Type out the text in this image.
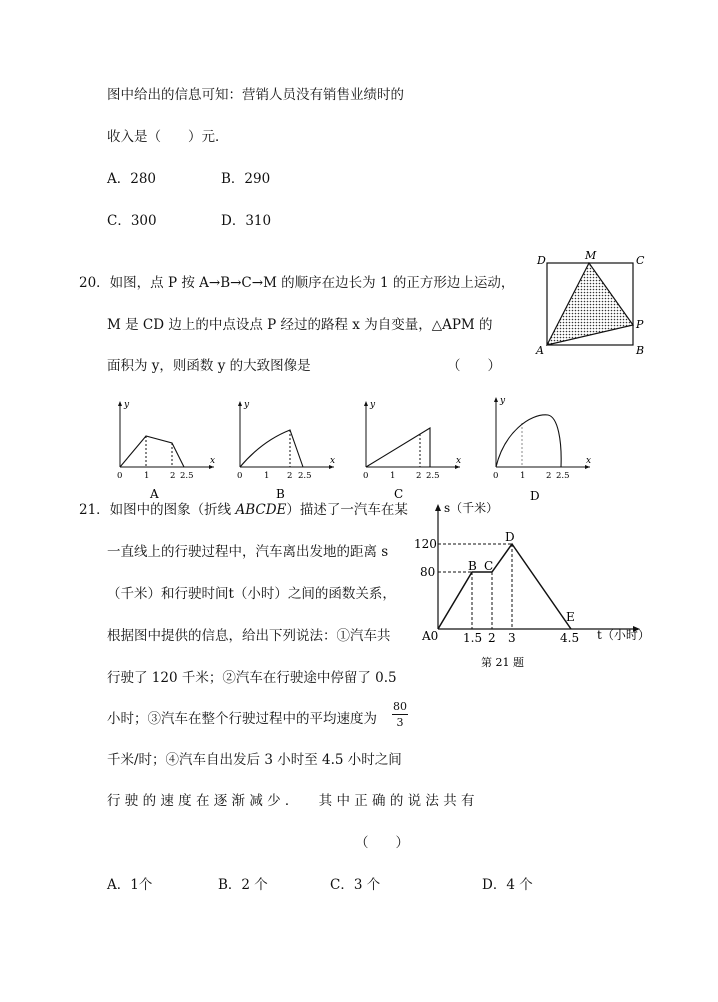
图中给出的信息可知：营销人员没有销售业绩时的
收入是（　　）元．
A．280	B．290
C．300	D．310
20．如图，点 P 按 A→B→C→M 的顺序在边长为 1 的正方形边上运动，
M 是 CD 边上的中点设点 P 经过的路程 x 为自变量，△APM 的
面积为 y，则函数 y 的大致图像是	（　　）
D	M	C
P
A	B
y
x
0	1 2 2.5
A
y
x
0	1 2 2.5
B
y
x
0	1 2 2.5
C
y
x
0	1 2 2.5
D
21．如图中的图象（折线 ABCDE）描述了一汽车在某
一直线上的行驶过程中，汽车离出发地的距离 s
（千米）和行驶时间t（小时）之间的函数关系，
根据图中提供的信息，给出下列说法：①汽车共
行驶了 120 千米；②汽车在行驶途中停留了 0.5
小时；③汽车在整个行驶过程中的平均速度为
80
3
千米/时；④汽车自出发后 3 小时至 4.5 小时之间
行 驶 的 速 度 在 逐 渐 减 少 ．　　其 中 正 确 的 说 法 共 有
（　　）
A．1个	B．2 个	C．3 个	D．4 个
s（千米）
t（小时）
A0
120
80
1.5 2 3	4.5
B C
D
E
第 21 题
